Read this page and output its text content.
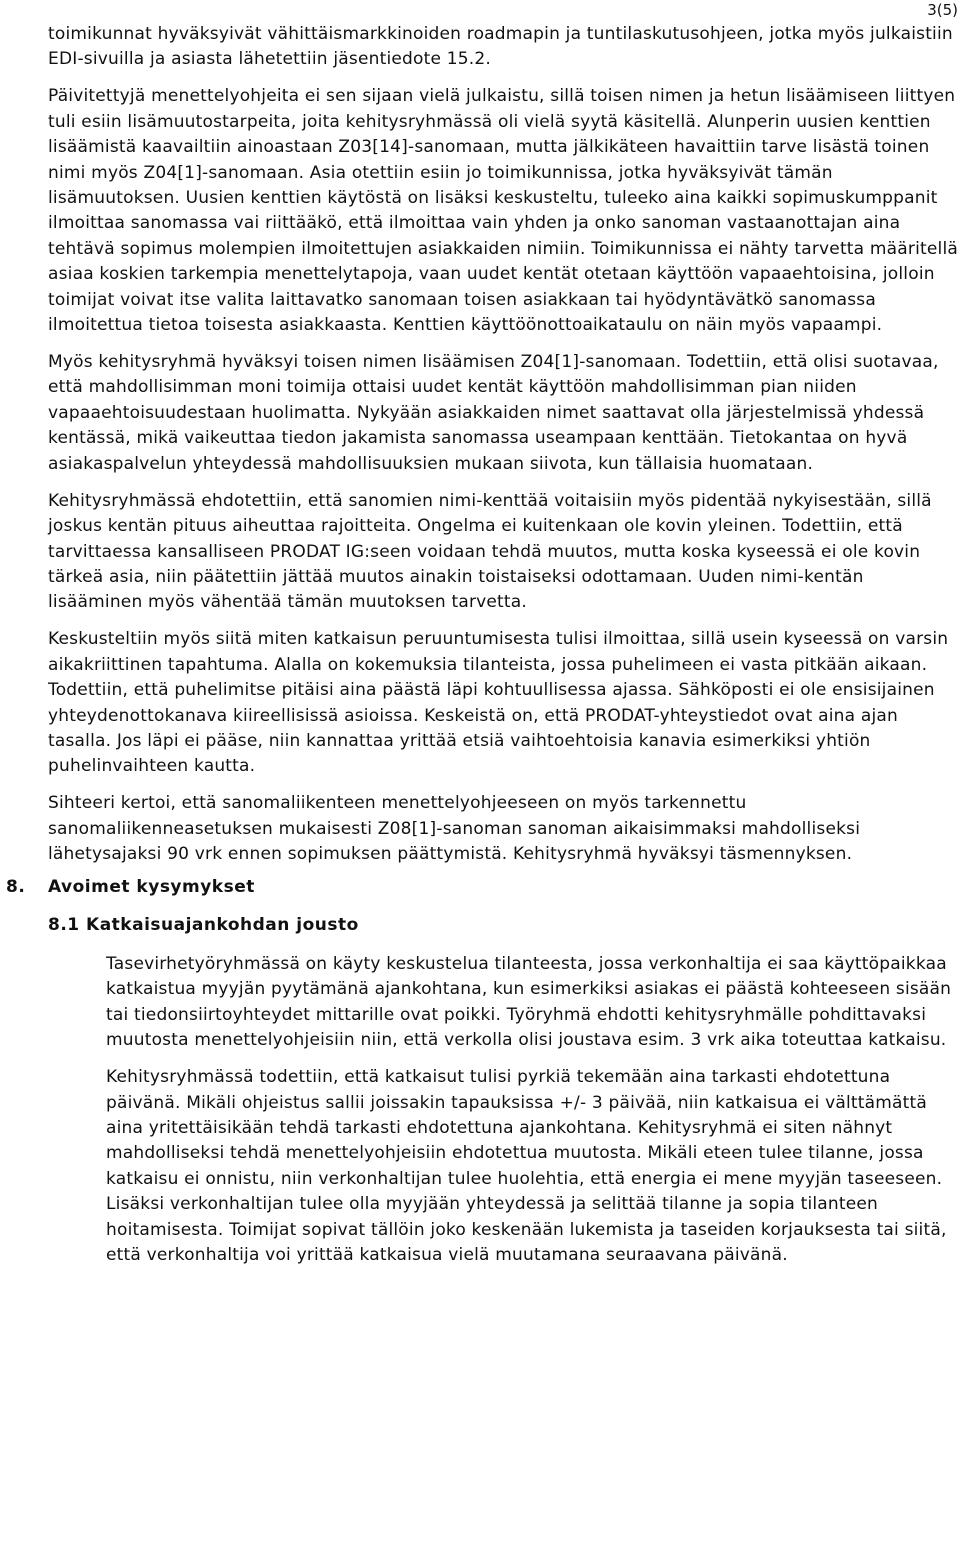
3(5)

toimikunnat hyväksyivät vähittäismarkkinoiden roadmapin ja tuntilaskutusohjeen, jotka myös julkaistiin EDI-sivuilla ja asiasta lähetettiin jäsentiedote 15.2.

Päivitettyjä menettelyohjeita ei sen sijaan vielä julkaistu, sillä toisen nimen ja hetun lisäämiseen liittyen tuli esiin lisämuutostarpeita, joita kehitysryhmässä oli vielä syytä käsitellä. Alunperin uusien kenttien lisäämistä kaavailtiin ainoastaan Z03[14]-sanomaan, mutta jälkikäteen havaittiin tarve lisästä toinen nimi myös Z04[1]-sanomaan. Asia otettiin esiin jo toimikunnissa, jotka hyväksyivät tämän lisämuutoksen. Uusien kenttien käytöstä on lisäksi keskusteltu, tuleeko aina kaikki sopimuskumppanit ilmoittaa sanomassa vai riittääkö, että ilmoittaa vain yhden ja onko sanoman vastaanottajan aina tehtävä sopimus molempien ilmoitettujen asiakkaiden nimiin. Toimikunnissa ei nähty tarvetta määritellä asiaa koskien tarkempia menettelytapoja, vaan uudet kentät otetaan käyttöön vapaaehtoisina, jolloin toimijat voivat itse valita laittavatko sanomaan toisen asiakkaan tai hyödyntävätkö sanomassa ilmoitettua tietoa toisesta asiakkaasta. Kenttien käyttöönottoaikataulu on näin myös vapaampi.

Myös kehitysryhmä hyväksyi toisen nimen lisäämisen Z04[1]-sanomaan. Todettiin, että olisi suotavaa, että mahdollisimman moni toimija ottaisi uudet kentät käyttöön mahdollisimman pian niiden vapaaehtoisuudestaan huolimatta. Nykyään asiakkaiden nimet saattavat olla järjestelmissä yhdessä kentässä, mikä vaikeuttaa tiedon jakamista sanomassa useampaan kenttään. Tietokantaa on hyvä asiakaspalvelun yhteydessä mahdollisuuksien mukaan siivota, kun tällaisia huomataan.

Kehitysryhmässä ehdotettiin, että sanomien nimi-kenttää voitaisiin myös pidentää nykyisestään, sillä joskus kentän pituus aiheuttaa rajoitteita. Ongelma ei kuitenkaan ole kovin yleinen. Todettiin, että tarvittaessa kansalliseen PRODAT IG:seen voidaan tehdä muutos, mutta koska kyseessä ei ole kovin tärkeä asia, niin päätettiin jättää muutos ainakin toistaiseksi odottamaan. Uuden nimi-kentän lisääminen myös vähentää tämän muutoksen tarvetta.

Keskusteltiin myös siitä miten katkaisun peruuntumisesta tulisi ilmoittaa, sillä usein kyseessä on varsin aikakriittinen tapahtuma. Alalla on kokemuksia tilanteista, jossa puhelimeen ei vasta pitkään aikaan. Todettiin, että puhelimitse pitäisi aina päästä läpi kohtuullisessa ajassa. Sähköposti ei ole ensisijainen yhteydenottokanava kiireellisissä asioissa. Keskeistä on, että PRODAT-yhteystiedot ovat aina ajan tasalla. Jos läpi ei pääse, niin kannattaa yrittää etsiä vaihtoehtoisia kanavia esimerkiksi yhtiön puhelinvaihteen kautta.

Sihteeri kertoi, että sanomaliikenteen menettelyohjeeseen on myös tarkennettu sanomaliikenneasetuksen mukaisesti Z08[1]-sanoman sanoman aikaisimmaksi mahdolliseksi lähetysajaksi 90 vrk ennen sopimuksen päättymistä. Kehitysryhmä hyväksyi täsmennyksen.

8. Avoimet kysymykset
8.1 Katkaisuajankohdan jousto

Tasevirhetyöryhmässä on käyty keskustelua tilanteesta, jossa verkonhaltija ei saa käyttöpaikkaa katkaistua myyjän pyytämänä ajankohtana, kun esimerkiksi asiakas ei päästä kohteeseen sisään tai tiedonsiirtoyhteydet mittarille ovat poikki. Työryhmä ehdotti kehitysryhmälle pohdittavaksi muutosta menettelyohjeisiin niin, että verkolla olisi joustava esim. 3 vrk aika toteuttaa katkaisu.

Kehitysryhmässä todettiin, että katkaisut tulisi pyrkiä tekemään aina tarkasti ehdotettuna päivänä. Mikäli ohjeistus sallii joissakin tapauksissa +/- 3 päivää, niin katkaisua ei välttämättä aina yritettäisikään tehdä tarkasti ehdotettuna ajankohtana. Kehitysryhmä ei siten nähnyt mahdolliseksi tehdä menettelyohjeisiin ehdotettua muutosta. Mikäli eteen tulee tilanne, jossa katkaisu ei onnistu, niin verkonhaltijan tulee huolehtia, että energia ei mene myyjän taseeseen. Lisäksi verkonhaltijan tulee olla myyjään yhteydessä ja selittää tilanne ja sopia tilanteen hoitamisesta. Toimijat sopivat tällöin joko keskenään lukemista ja taseiden korjauksesta tai siitä, että verkonhaltija voi yrittää katkaisua vielä muutamana seuraavana päivänä.
